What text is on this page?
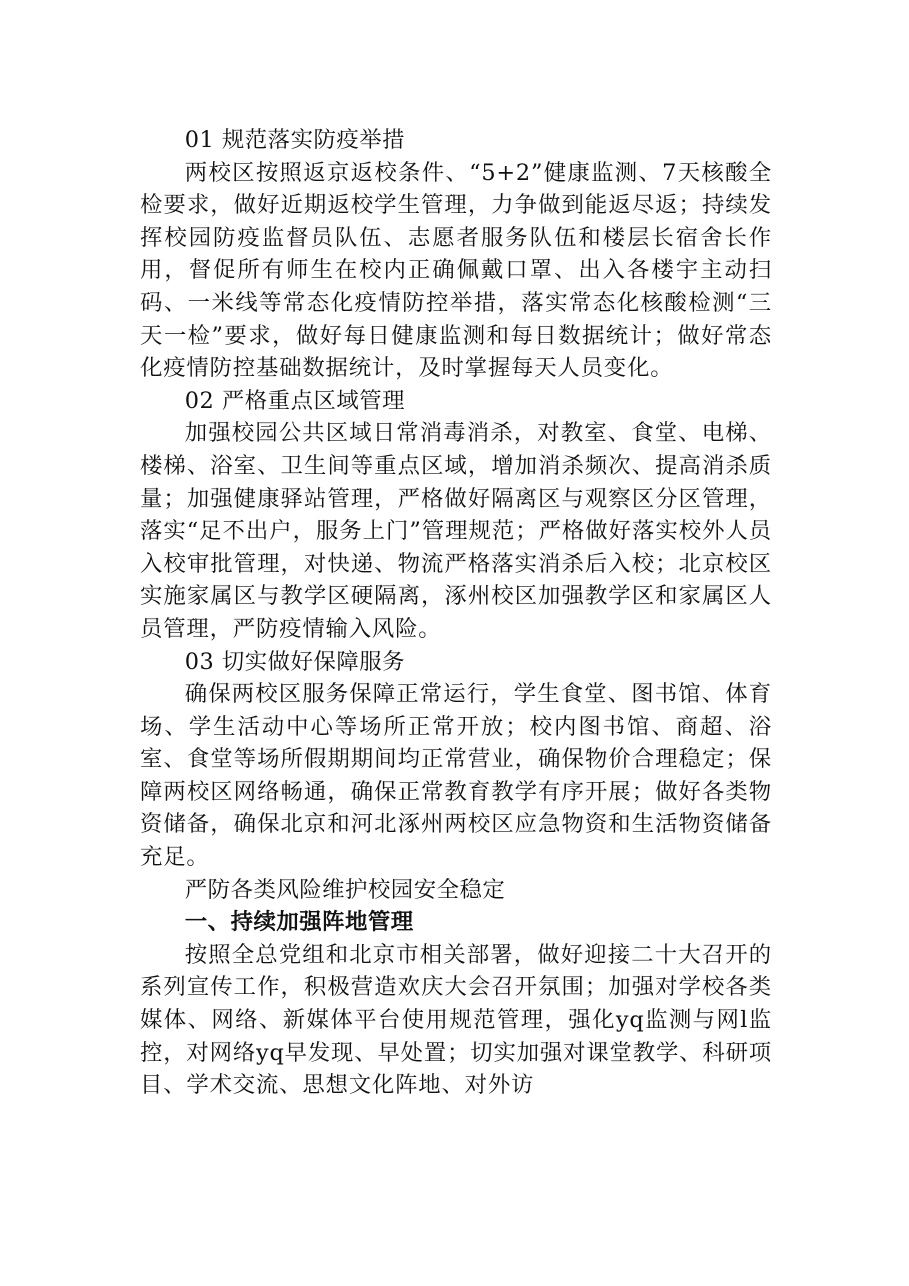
01 规范落实防疫举措

两校区按照返京返校条件、“5+2”健康监测、7天核酸全检要求，做好近期返校学生管理，力争做到能返尽返；持续发挥校园防疫监督员队伍、志愿者服务队伍和楼层长宿舍长作用，督促所有师生在校内正确佩戴口罩、出入各楼宇主动扫码、一米线等常态化疫情防控举措，落实常态化核酸检测“三天一检”要求，做好每日健康监测和每日数据统计；做好常态化疫情防控基础数据统计，及时掌握每天人员变化。

02 严格重点区域管理

加强校园公共区域日常消毒消杀，对教室、食堂、电梯、楼梯、浴室、卫生间等重点区域，增加消杀频次、提高消杀质量；加强健康驿站管理，严格做好隔离区与观察区分区管理，落实“足不出户，服务上门”管理规范；严格做好落实校外人员入校审批管理，对快递、物流严格落实消杀后入校；北京校区实施家属区与教学区硬隔离，涿州校区加强教学区和家属区人员管理，严防疫情输入风险。

03 切实做好保障服务

确保两校区服务保障正常运行，学生食堂、图书馆、体育场、学生活动中心等场所正常开放；校内图书馆、商超、浴室、食堂等场所假期期间均正常营业，确保物价合理稳定；保障两校区网络畅通，确保正常教育教学有序开展；做好各类物资储备，确保北京和河北涿州两校区应急物资和生活物资储备充足。

严防各类风险维护校园安全稳定

一、持续加强阵地管理

按照全总党组和北京市相关部署，做好迎接二十大召开的系列宣传工作，积极营造欢庆大会召开氛围；加强对学校各类媒体、网络、新媒体平台使用规范管理，强化yq监测与网l监控，对网络yq早发现、早处置；切实加强对课堂教学、科研项目、学术交流、思想文化阵地、对外访
